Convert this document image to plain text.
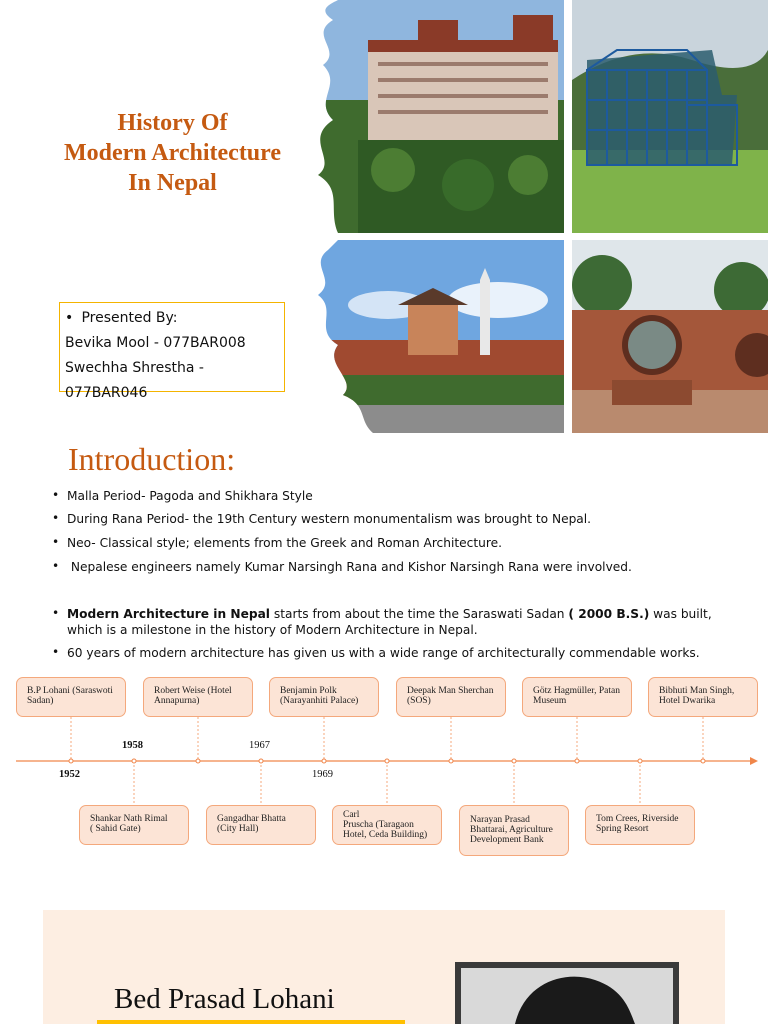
History Of
Modern Architecture
In Nepal
• Presented By:
Bevika Mool - 077BAR008
Swechha Shrestha - 077BAR046
Introduction:
• Malla Period- Pagoda and Shikhara Style
• During Rana Period- the 19th Century western monumentalism was brought to Nepal.
• Neo- Classical style; elements from the Greek and Roman Architecture.
• Nepalese engineers namely Kumar Narsingh Rana and Kishor Narsingh Rana were involved.
• Modern Architecture in Nepal starts from about the time the Saraswati Sadan ( 2000 B.S.) was built, which is a milestone in the history of Modern Architecture in Nepal.
• 60 years of modern architecture has given us with a wide range of architecturally commendable works.
B.P Lohani (Saraswoti
Sadan)
Robert Weise (Hotel
Annapurna)
Benjamin Polk
(Narayanhiti Palace)
Deepak Man Sherchan
(SOS)
Götz Hagmüller, Patan
Museum
Bibhuti Man Singh,
Hotel Dwarika
1952
1958	1967
1969
Shankar Nath Rimal
( Sahid Gate)
Gangadhar Bhatta
(City Hall)
Carl
Pruscha (Taragaon
Hotel, Ceda Building)
Narayan Prasad
Bhattarai, Agriculture
Development Bank
Tom Crees, Riverside
Spring Resort
Bed Prasad Lohani
